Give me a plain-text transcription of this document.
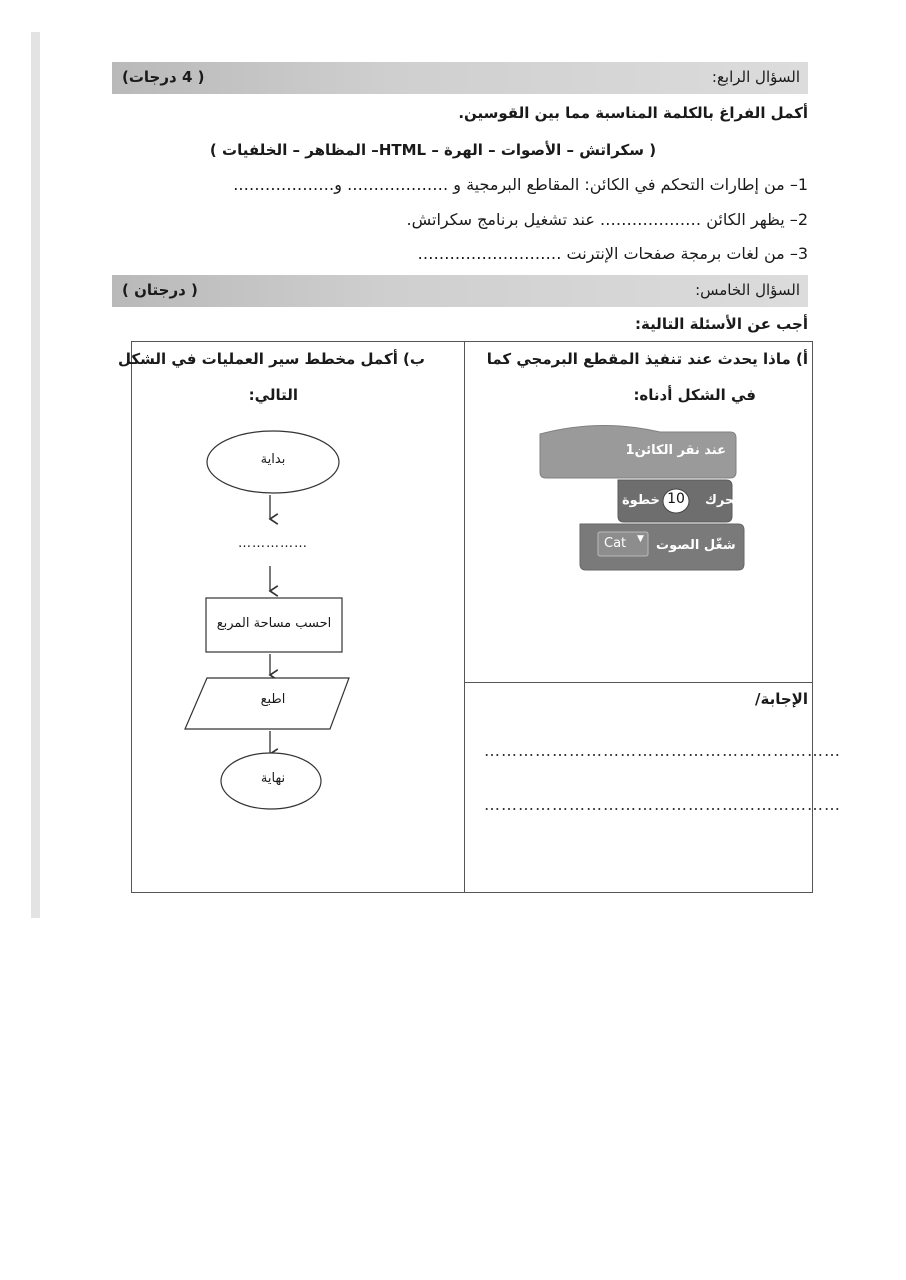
السؤال الرابع:
( 4 درجات)
أكمل الفراغ بالكلمة المناسبة مما بين القوسين.
( سكراتش – الأصوات – الهرة – HTML– المظاهر – الخلفيات )
1– من إطارات التحكم في الكائن: المقاطع البرمجية و ………………. و……………….
2– يظهر الكائن ………………. عند تشغيل برنامج سكراتش.
3– من لغات برمجة صفحات الإنترنت ………………………
السؤال الخامس:
( درجتان )
أجب عن الأسئلة التالية:
أ) ماذا يحدث عند تنفيذ المقطع البرمجي كما
في الشكل أدناه:
عند نقر الكائن1
تحرك
10
خطوة
شغّل الصوت
Cat ▼
الإجابة/
………………………………………………………
………………………………………………………
ب) أكمل مخطط سير العمليات في الشكل
التالي:
بداية
……………
احسب مساحة المربع
اطبع
نهاية
